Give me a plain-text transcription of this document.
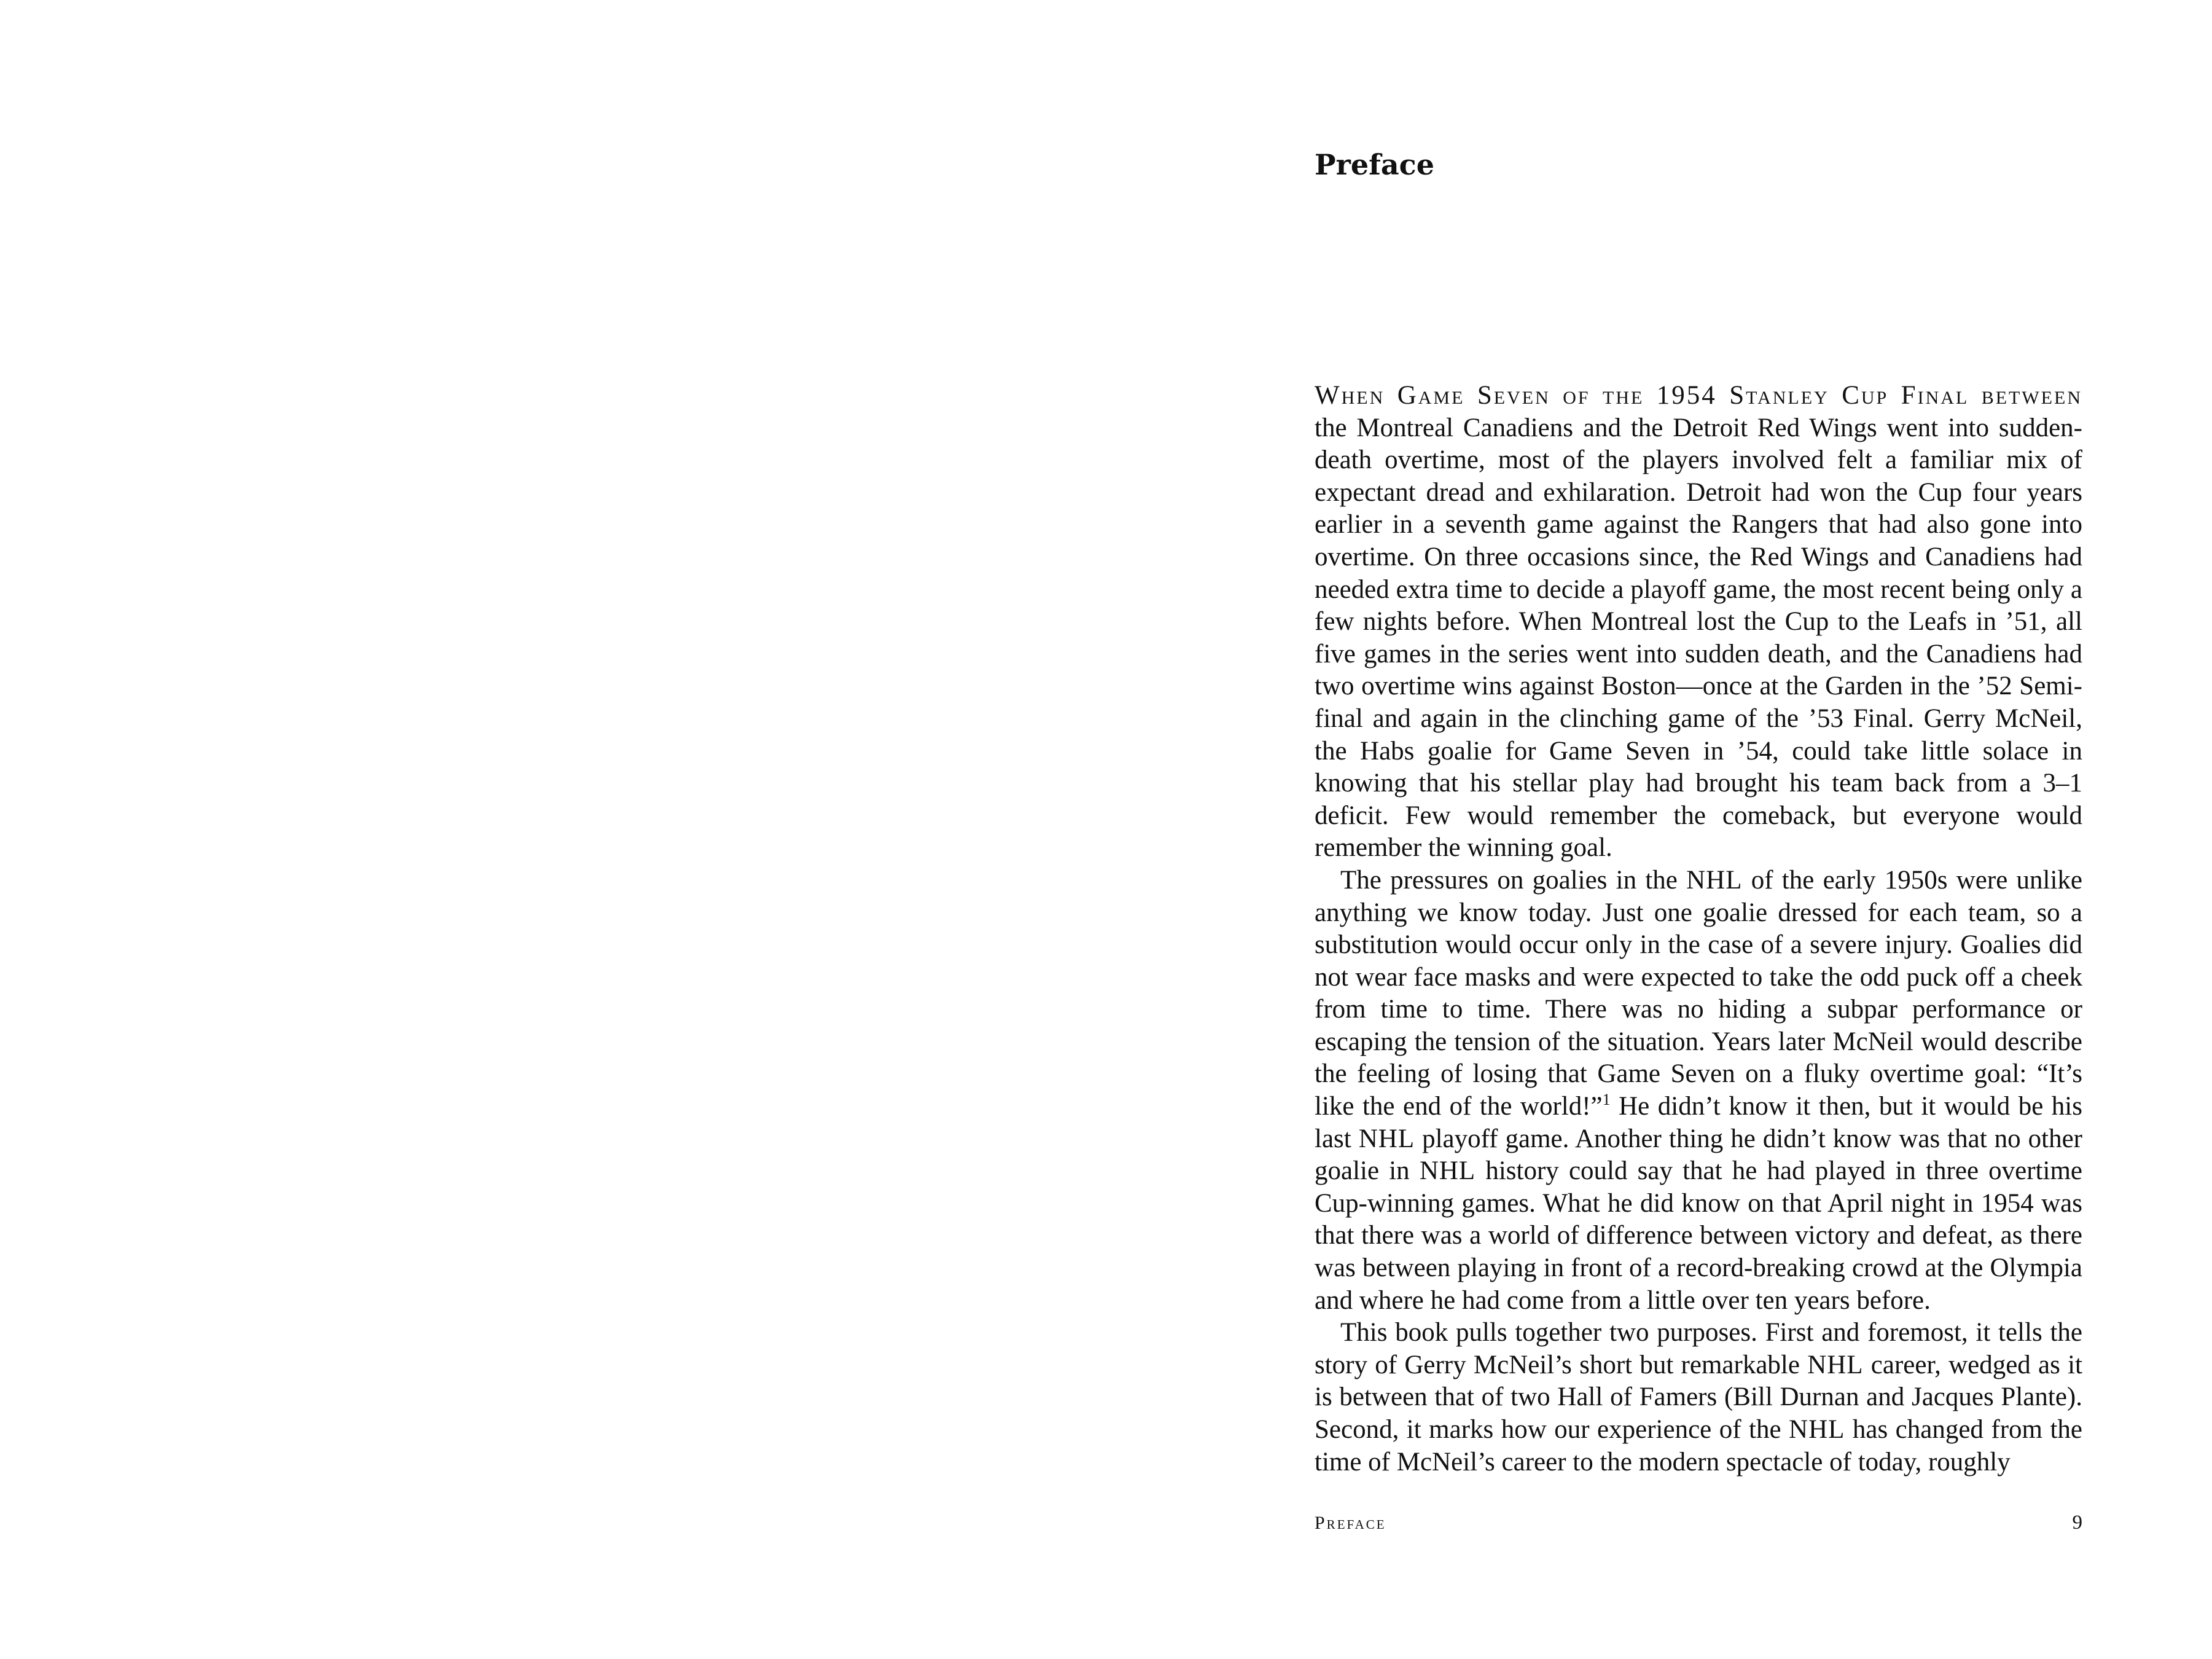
Preface

When Game Seven of the 1954 Stanley Cup Final between the Montreal Canadiens and the Detroit Red Wings went into sudden-death overtime, most of the players involved felt a familiar mix of expectant dread and exhilaration. Detroit had won the Cup four years earlier in a seventh game against the Rangers that had also gone into overtime. On three occasions since, the Red Wings and Canadiens had needed extra time to decide a playoff game, the most recent being only a few nights before. When Montreal lost the Cup to the Leafs in ’51, all five games in the series went into sudden death, and the Canadiens had two overtime wins against Boston—once at the Garden in the ’52 Semi-final and again in the clinching game of the ’53 Final. Gerry McNeil, the Habs goalie for Game Seven in ’54, could take little solace in knowing that his stellar play had brought his team back from a 3–1 deficit. Few would remember the comeback, but everyone would remember the winning goal.

The pressures on goalies in the NHL of the early 1950s were unlike anything we know today. Just one goalie dressed for each team, so a substitution would occur only in the case of a severe injury. Goalies did not wear face masks and were expected to take the odd puck off a cheek from time to time. There was no hiding a subpar performance or escaping the tension of the situation. Years later McNeil would describe the feeling of losing that Game Seven on a fluky overtime goal: “It’s like the end of the world!”$^1$ He didn’t know it then, but it would be his last NHL playoff game. Another thing he didn’t know was that no other goalie in NHL history could say that he had played in three overtime Cup-winning games. What he did know on that April night in 1954 was that there was a world of difference between victory and defeat, as there was between playing in front of a record-breaking crowd at the Olympia and where he had come from a little over ten years before.

This book pulls together two purposes. First and foremost, it tells the story of Gerry McNeil’s short but remarkable NHL career, wedged as it is between that of two Hall of Famers (Bill Durnan and Jacques Plante). Second, it marks how our experience of the NHL has changed from the time of McNeil’s career to the modern spectacle of today, roughly

Preface	9
